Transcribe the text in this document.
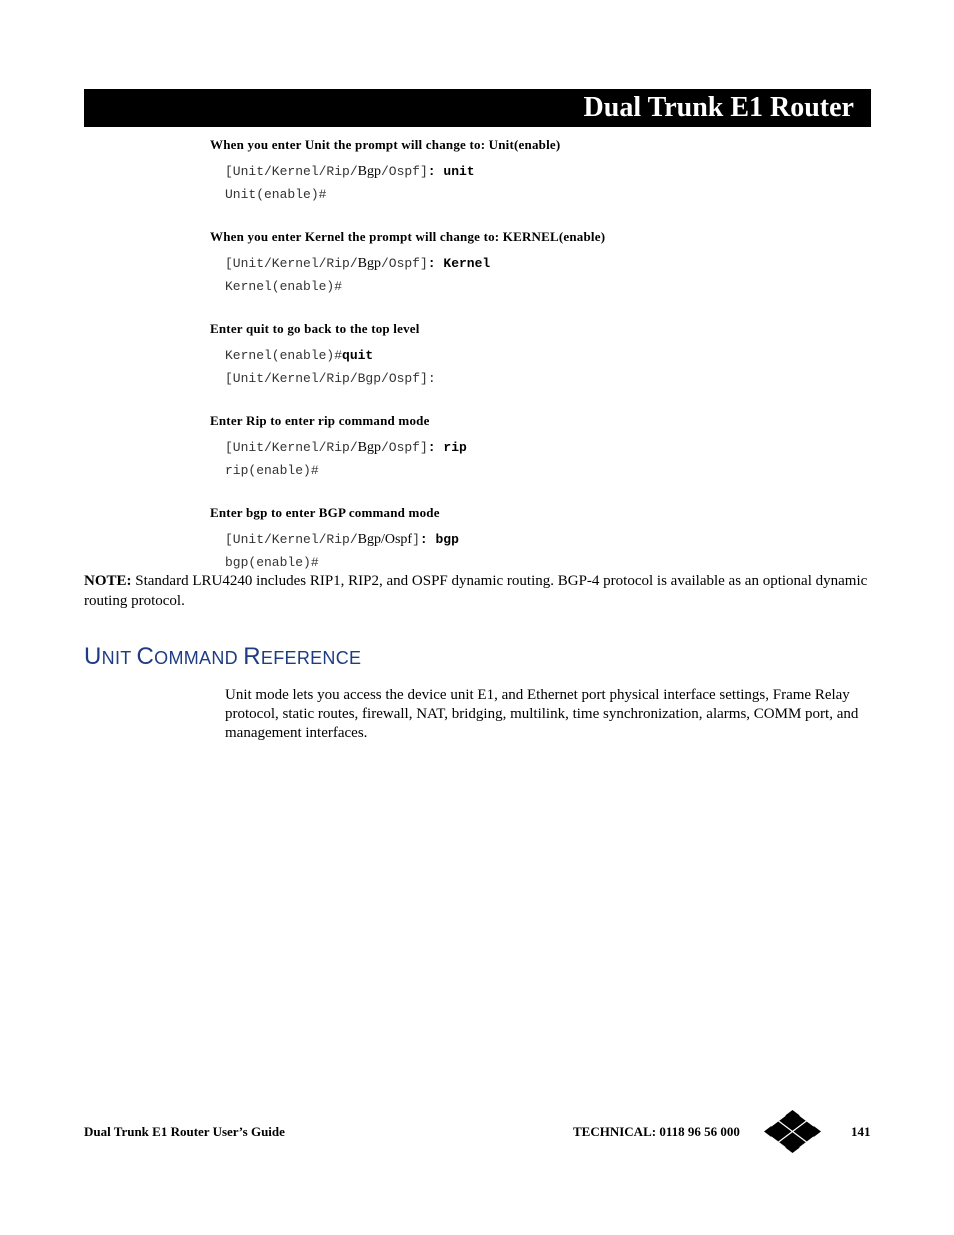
Dual Trunk E1 Router
When you enter Unit the prompt will change to: Unit(enable)
[Unit/Kernel/Rip/Bgp/Ospf]: unit
Unit(enable)#
When you enter Kernel the prompt will change to: KERNEL(enable)
[Unit/Kernel/Rip/Bgp/Ospf]: Kernel
Kernel(enable)#
Enter quit to go back to the top level
Kernel(enable)#quit
[Unit/Kernel/Rip/Bgp/Ospf]:
Enter Rip to enter rip command mode
[Unit/Kernel/Rip/Bgp/Ospf]: rip
rip(enable)#
Enter bgp to enter BGP command mode
[Unit/Kernel/Rip/Bgp/Ospf]: bgp
bgp(enable)#
NOTE: Standard LRU4240 includes RIP1, RIP2, and OSPF dynamic routing. BGP-4 protocol is available as an optional dynamic routing protocol.
UNIT COMMAND REFERENCE
Unit mode lets you access the device unit E1, and Ethernet port physical interface settings, Frame Relay protocol, static routes, firewall, NAT, bridging, multilink, time synchronization, alarms, COMM port, and management interfaces.
Dual Trunk E1 Router User’s Guide	TECHNICAL: 0118 96 56 000	141
